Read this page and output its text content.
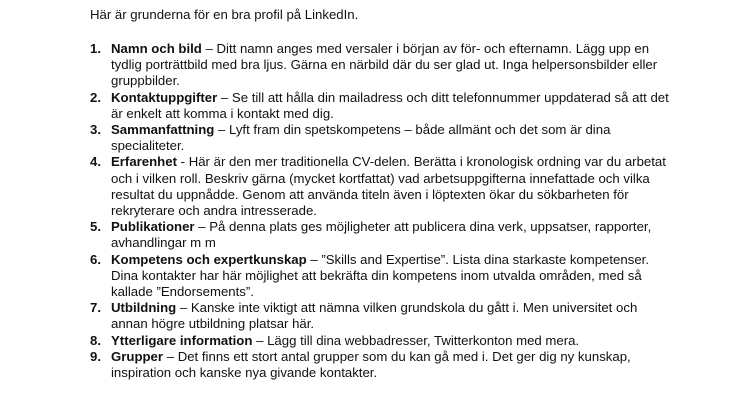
Här är grunderna för en bra profil på LinkedIn.
1. Namn och bild – Ditt namn anges med versaler i början av för- och efternamn. Lägg upp en tydlig porträttbild med bra ljus. Gärna en närbild där du ser glad ut. Inga helpersonsbilder eller gruppbilder.
2. Kontaktuppgifter – Se till att hålla din mailadress och ditt telefonnummer uppdaterad så att det är enkelt att komma i kontakt med dig.
3. Sammanfattning – Lyft fram din spetskompetens – både allmänt och det som är dina specialiteter.
4. Erfarenhet - Här är den mer traditionella CV-delen. Berätta i kronologisk ordning var du arbetat och i vilken roll. Beskriv gärna (mycket kortfattat) vad arbetsuppgifterna innefattade och vilka resultat du uppnådde. Genom att använda titeln även i löptexten ökar du sökbarheten för rekryterare och andra intresserade.
5. Publikationer – På denna plats ges möjligheter att publicera dina verk, uppsatser, rapporter, avhandlingar m m
6. Kompetens och expertkunskap – ”Skills and Expertise”. Lista dina starkaste kompetenser. Dina kontakter har här möjlighet att bekräfta din kompetens inom utvalda områden, med så kallade ”Endorsements”.
7. Utbildning – Kanske inte viktigt att nämna vilken grundskola du gått i. Men universitet och annan högre utbildning platsar här.
8. Ytterligare information – Lägg till dina webbadresser, Twitterkonton med mera.
9. Grupper – Det finns ett stort antal grupper som du kan gå med i. Det ger dig ny kunskap, inspiration och kanske nya givande kontakter.
